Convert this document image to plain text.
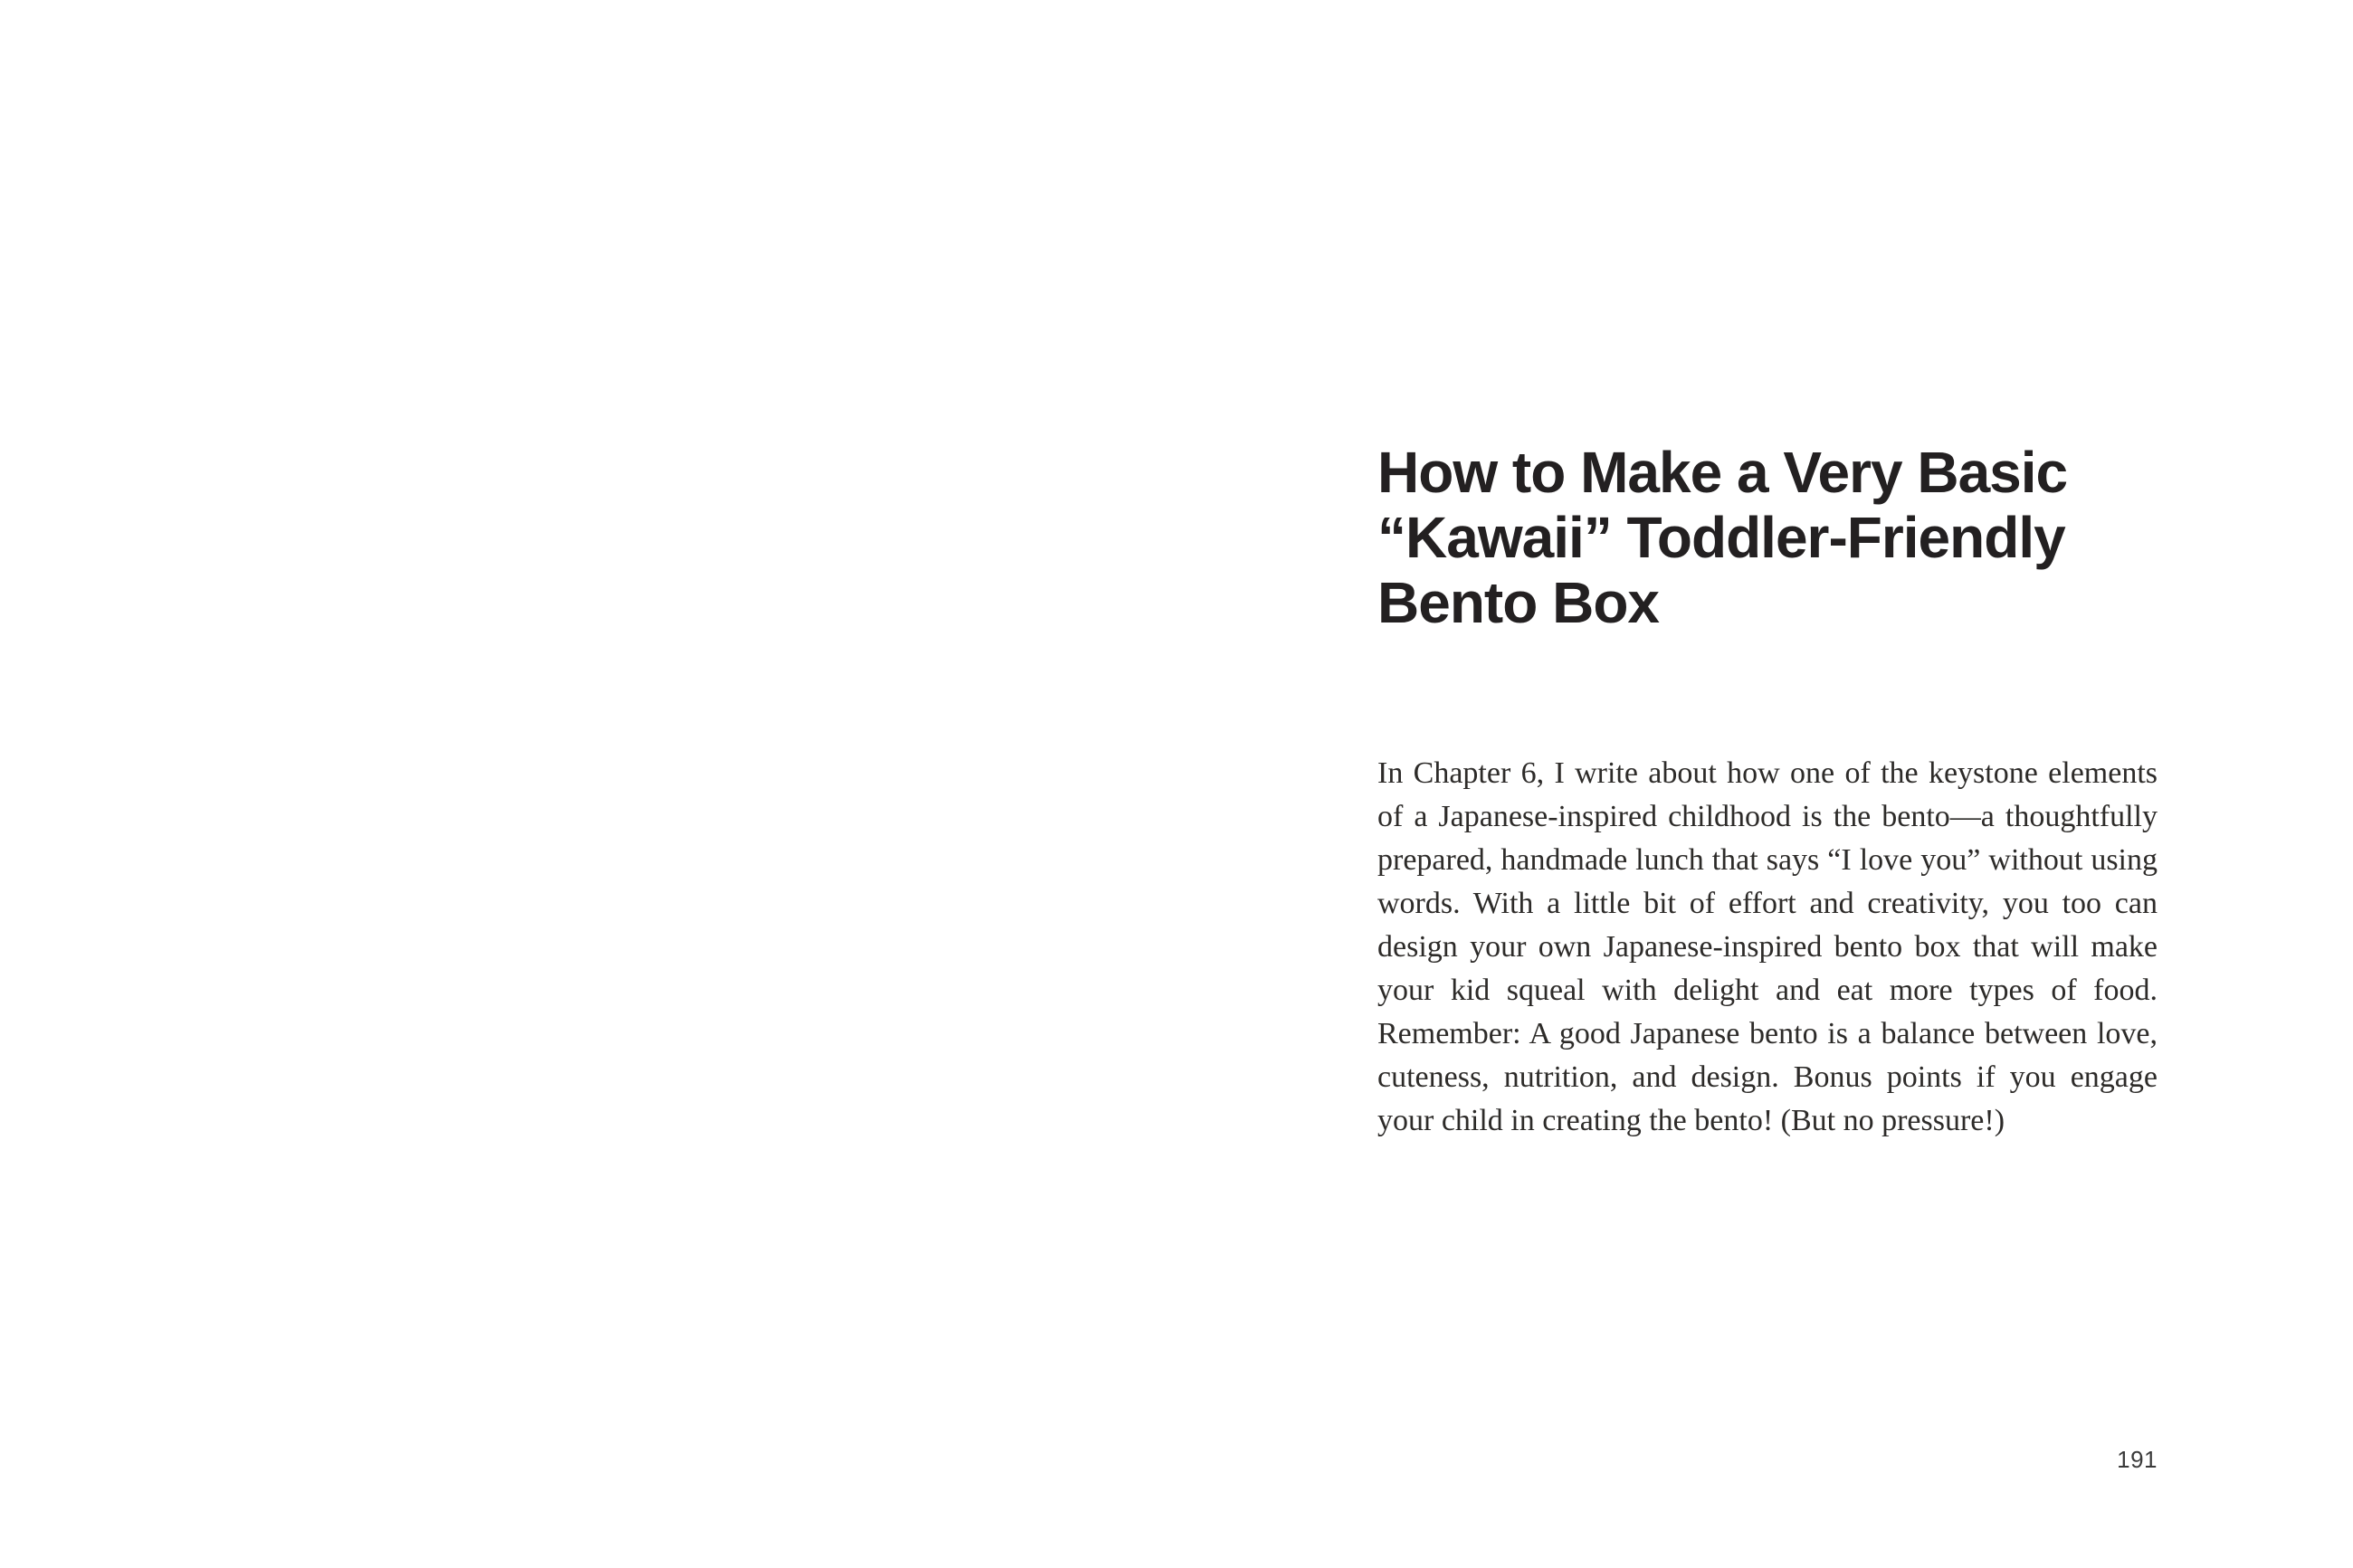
How to Make a Very Basic
“Kawaii” Toddler-Friendly
Bento Box

In Chapter 6, I write about how one of the keystone elements of a Japanese-inspired childhood is the bento—a thoughtfully prepared, handmade lunch that says “I love you” without using words. With a little bit of effort and creativity, you too can design your own Japanese-inspired bento box that will make your kid squeal with delight and eat more types of food. Remember: A good Japanese bento is a balance between love, cuteness, nutrition, and design. Bonus points if you engage your child in creating the bento! (But no pressure!)

191
